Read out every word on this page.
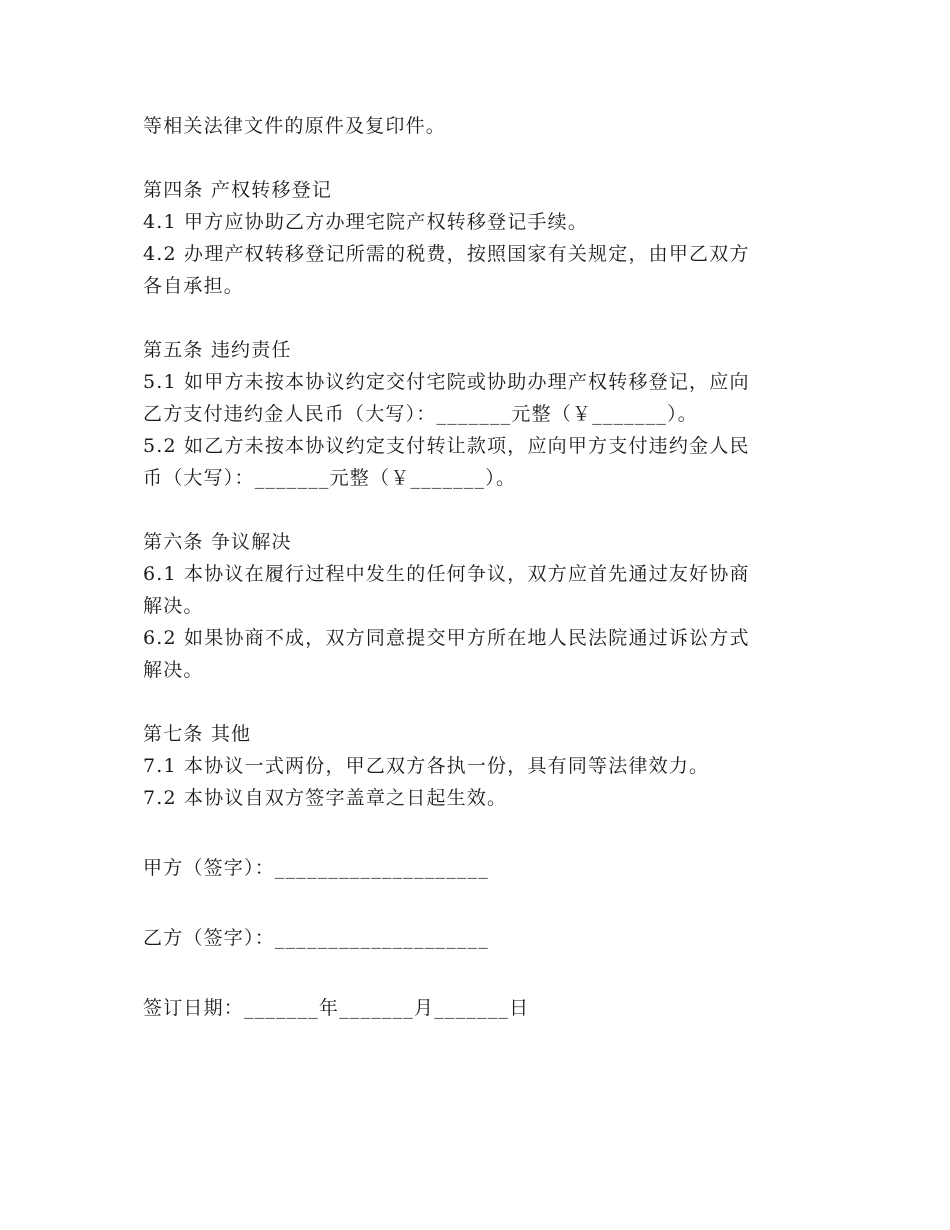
等相关法律文件的原件及复印件。
第四条 产权转移登记
4.1 甲方应协助乙方办理宅院产权转移登记手续。
4.2 办理产权转移登记所需的税费，按照国家有关规定，由甲乙双方
各自承担。
第五条 违约责任
5.1 如甲方未按本协议约定交付宅院或协助办理产权转移登记，应向
乙方支付违约金人民币（大写）：_______元整（￥_______）。
5.2 如乙方未按本协议约定支付转让款项，应向甲方支付违约金人民
币（大写）：_______元整（￥_______）。
第六条 争议解决
6.1 本协议在履行过程中发生的任何争议，双方应首先通过友好协商
解决。
6.2 如果协商不成，双方同意提交甲方所在地人民法院通过诉讼方式
解决。
第七条 其他
7.1 本协议一式两份，甲乙双方各执一份，具有同等法律效力。
7.2 本协议自双方签字盖章之日起生效。
甲方（签字）：____________________
乙方（签字）：____________________
签订日期：_______年_______月_______日
